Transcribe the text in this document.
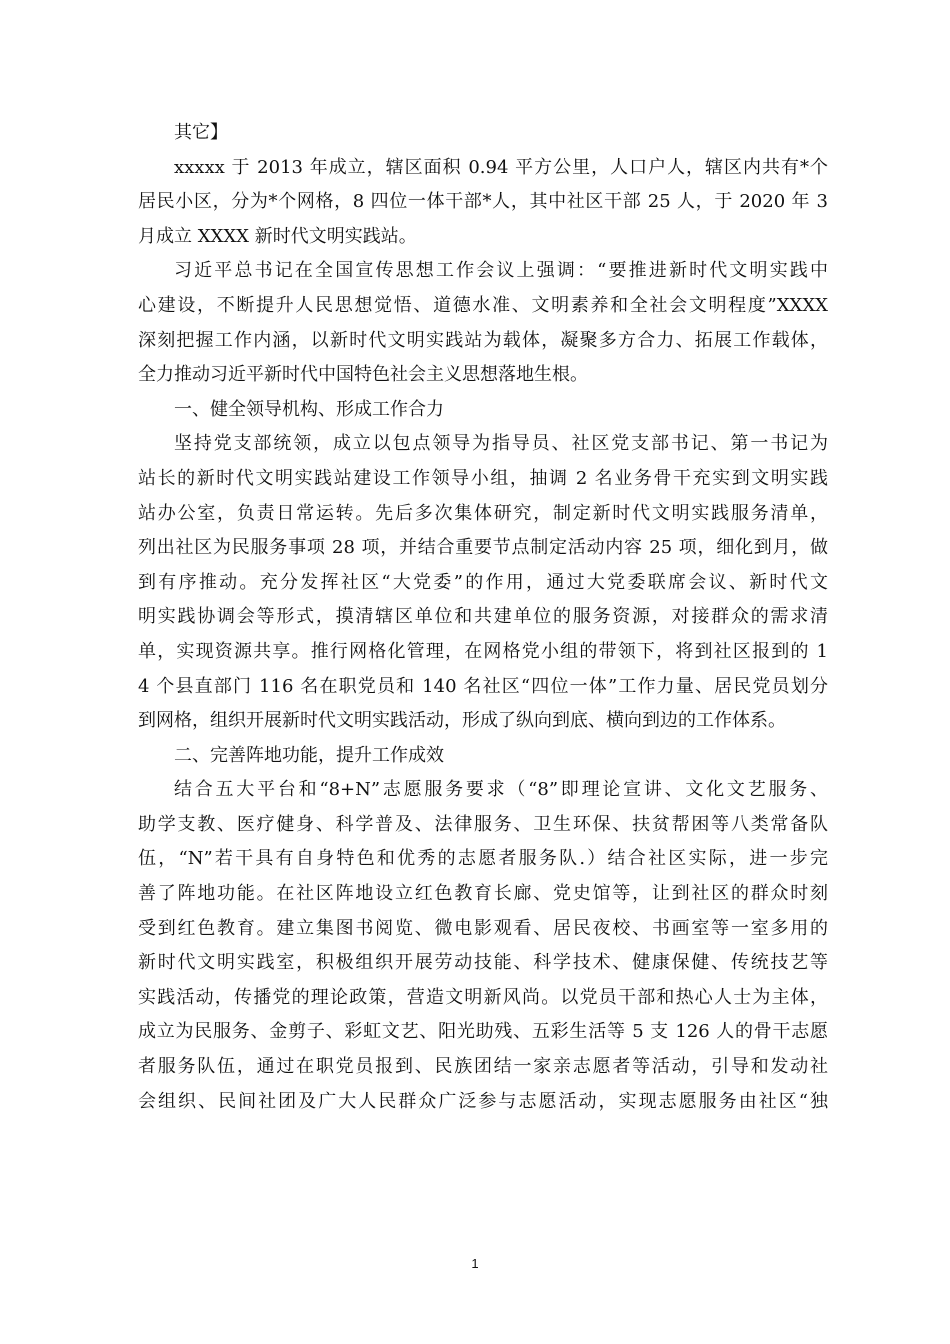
其它】
xxxxx 于 2013 年成立，辖区面积 0.94 平方公里，人口户人，辖区内共有*个
居民小区，分为*个网格，8 四位一体干部*人，其中社区干部 25 人，于 2020 年 3
月成立 XXXX 新时代文明实践站。
习近平总书记在全国宣传思想工作会议上强调：“要推进新时代文明实践中
心建设，不断提升人民思想觉悟、道德水准、文明素养和全社会文明程度”XXXX
深刻把握工作内涵，以新时代文明实践站为载体，凝聚多方合力、拓展工作载体，
全力推动习近平新时代中国特色社会主义思想落地生根。
一、健全领导机构、形成工作合力
坚持党支部统领，成立以包点领导为指导员、社区党支部书记、第一书记为
站长的新时代文明实践站建设工作领导小组，抽调 2 名业务骨干充实到文明实践
站办公室，负责日常运转。先后多次集体研究，制定新时代文明实践服务清单，
列出社区为民服务事项 28 项，并结合重要节点制定活动内容 25 项，细化到月，做
到有序推动。充分发挥社区“大党委”的作用，通过大党委联席会议、新时代文
明实践协调会等形式，摸清辖区单位和共建单位的服务资源，对接群众的需求清
单，实现资源共享。推行网格化管理，在网格党小组的带领下，将到社区报到的 1
4 个县直部门 116 名在职党员和 140 名社区“四位一体”工作力量、居民党员划分
到网格，组织开展新时代文明实践活动，形成了纵向到底、横向到边的工作体系。
二、完善阵地功能，提升工作成效
结合五大平台和“8+N”志愿服务要求（“8”即理论宣讲、文化文艺服务、
助学支教、医疗健身、科学普及、法律服务、卫生环保、扶贫帮困等八类常备队
伍，“N”若干具有自身特色和优秀的志愿者服务队.）结合社区实际，进一步完
善了阵地功能。在社区阵地设立红色教育长廊、党史馆等，让到社区的群众时刻
受到红色教育。建立集图书阅览、微电影观看、居民夜校、书画室等一室多用的
新时代文明实践室，积极组织开展劳动技能、科学技术、健康保健、传统技艺等
实践活动，传播党的理论政策，营造文明新风尚。以党员干部和热心人士为主体，
成立为民服务、金剪子、彩虹文艺、阳光助残、五彩生活等 5 支 126 人的骨干志愿
者服务队伍，通过在职党员报到、民族团结一家亲志愿者等活动，引导和发动社
会组织、民间社团及广大人民群众广泛参与志愿活动，实现志愿服务由社区“独
1
